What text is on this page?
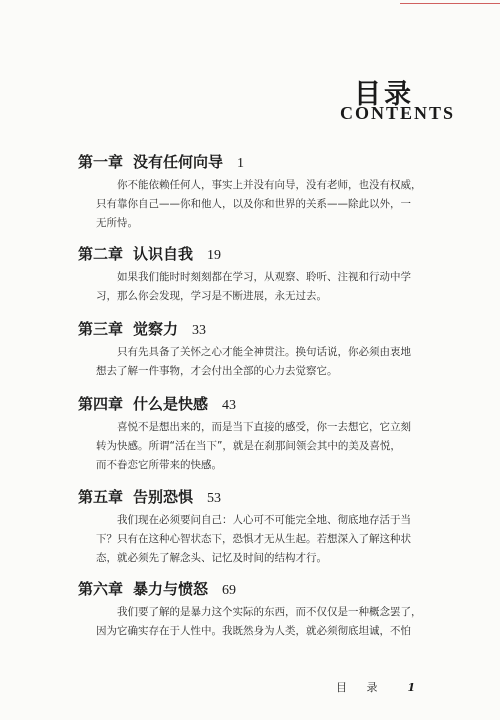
目录
CONTENTS
第一章 没有任何向导 1
你不能依赖任何人，事实上并没有向导，没有老师，也没有权威，
只有靠你自己——你和他人，以及你和世界的关系——除此以外，一
无所恃。
第二章 认识自我 19
如果我们能时时刻刻都在学习，从观察、聆听、注视和行动中学
习，那么你会发现，学习是不断进展，永无过去。
第三章 觉察力 33
只有先具备了关怀之心才能全神贯注。换句话说，你必须由衷地
想去了解一件事物，才会付出全部的心力去觉察它。
第四章 什么是快感 43
喜悦不是想出来的，而是当下直接的感受，你一去想它，它立刻
转为快感。所谓“活在当下”，就是在刹那间领会其中的美及喜悦，
而不眷恋它所带来的快感。
第五章 告别恐惧 53
我们现在必须要问自己：人心可不可能完全地、彻底地存活于当
下？只有在这种心智状态下，恐惧才无从生起。若想深入了解这种状
态，就必须先了解念头、记忆及时间的结构才行。
第六章 暴力与愤怒 69
我们要了解的是暴力这个实际的东西，而不仅仅是一种概念罢了，
因为它确实存在于人性中。我既然身为人类，就必须彻底坦诚，不怕
目 录 1
